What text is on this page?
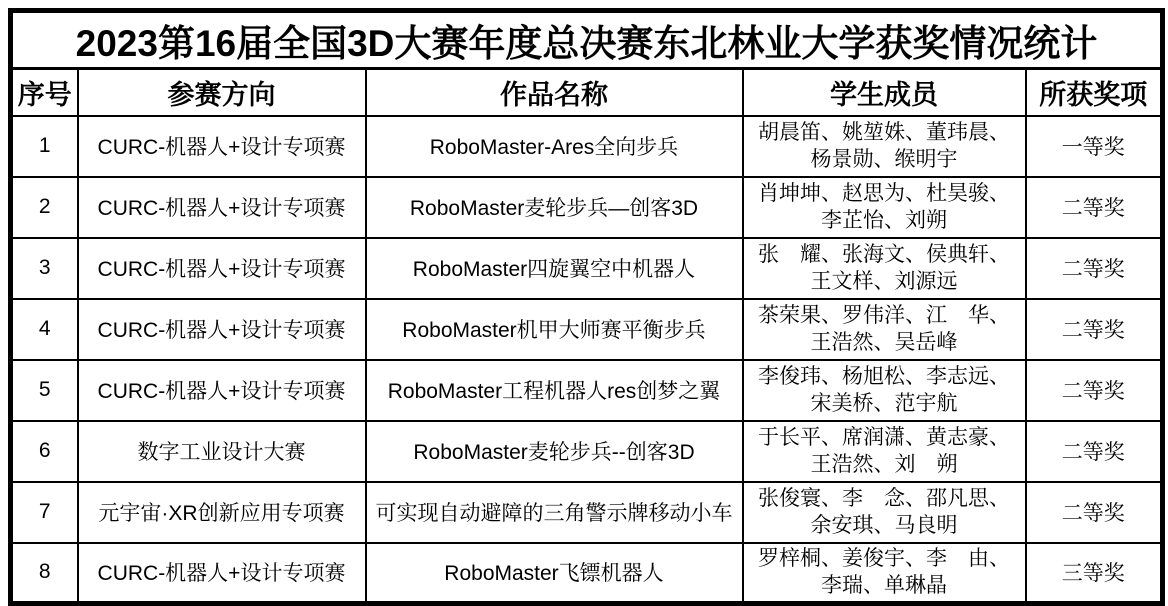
2023第16届全国3D大赛年度总决赛东北林业大学获奖情况统计				
序号	参赛方向	作品名称	学生成员	所获奖项
1	CURC-机器人+设计专项赛	RoboMaster-Ares全向步兵	胡晨笛、姚堃姝、董玮晨、
杨景勋、缑明宇	一等奖
2	CURC-机器人+设计专项赛	RoboMaster麦轮步兵—创客3D	肖坤坤、赵思为、杜昊骏、
李芷怡、刘朔	二等奖
3	CURC-机器人+设计专项赛	RoboMaster四旋翼空中机器人	张　耀、张海文、侯典轩、
王文样、刘源远	二等奖
4	CURC-机器人+设计专项赛	RoboMaster机甲大师赛平衡步兵	茶荣果、罗伟洋、江　华、
王浩然、吴岳峰	二等奖
5	CURC-机器人+设计专项赛	RoboMaster工程机器人res创梦之翼	李俊玮、杨旭松、李志远、
宋美桥、范宇航	二等奖
6	数字工业设计大赛	RoboMaster麦轮步兵--创客3D	于长平、席润潇、黄志豪、
王浩然、刘　朔	二等奖
7	元宇宙·XR创新应用专项赛	可实现自动避障的三角警示牌移动小车	张俊寰、李　念、邵凡思、
余安琪、马良明	二等奖
8	CURC-机器人+设计专项赛	RoboMaster飞镖机器人	罗梓桐、姜俊宇、李　由、
李瑞、单琳晶	三等奖
